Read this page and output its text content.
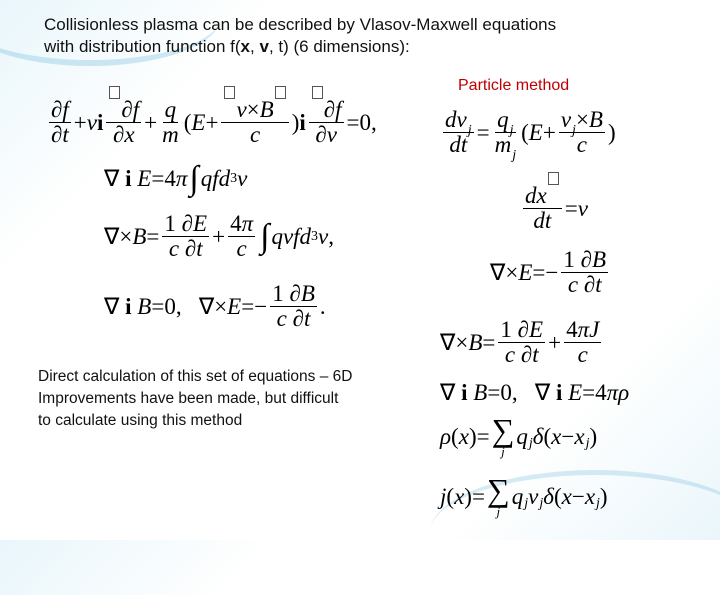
Collisionless plasma can be described by Vlasov-Maxwell equations
with distribution function f(x, v, t) (6 dimensions):
Particle method
$\frac{\partial f}{\partial t} + v$ i $\frac{\partial f}{\partial x} + \frac{q}{m}$ ( $E + \frac{v\times B}{c}$ ) i $\frac{\partial f}{\partial v} =0$,
∇ i E =4 π ∫ qfd 3 v
∇× $B = \frac{1 \partial E}{c \partial t} + \frac{4\pi}{c}$ ∫ qvfd 3 v ,
∇ i B =0,   ∇× $E =- \frac{1 \partial B}{c \partial t}$ .
Direct calculation of this set of equations – 6D
Improvements have been made, but difficult
to calculate using this method
$\frac{dv_j}{dt} = \frac{q_j}{m_j}$ ( $E + \frac{v_j\times B}{c}$ )
$\frac{dx}{dt} = v$
∇× $E =- \frac{1 \partial B}{c \partial t}$
∇× $B = \frac{1 \partial E}{c \partial t} + \frac{4\pi J}{c}$
∇ i B =0,   ∇ i E =4 πρ
ρ ( x )= ∑
j
q j δ ( x − x j )
j ( x )= ∑
j
q j v j δ ( x − x j )
